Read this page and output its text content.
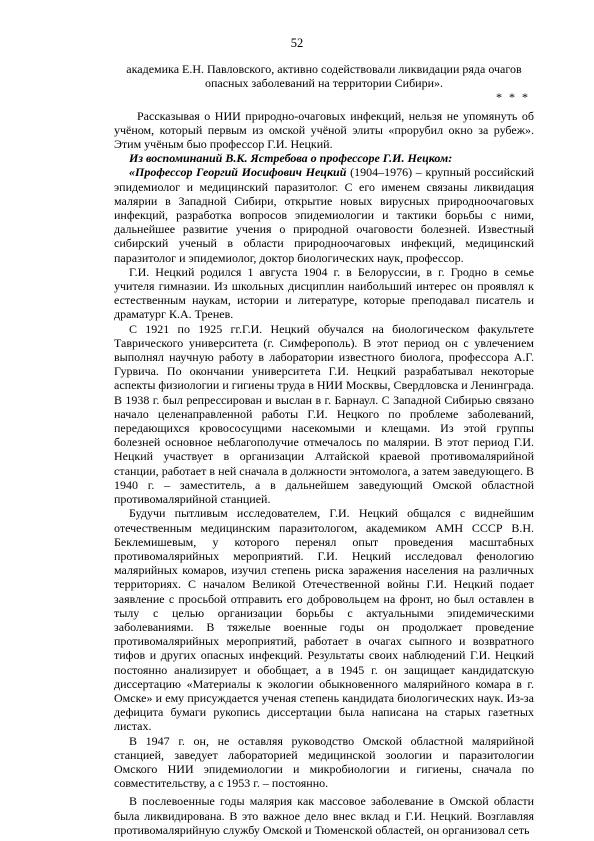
52

академика Е.Н. Павловского, активно содействовали ликвидации ряда очагов

опасных заболеваний на территории Сибири».

* * *

Рассказывая о НИИ природно-очаговых инфекций, нельзя не упомянуть об учёном, который первым из омской учёной элиты «прорубил окно за рубеж». Этим учёным быо профессор Г.И. Нецкий.

Из воспоминаний В.К. Ястребова о профессоре Г.И. Нецком:

«Профессор Георгий Иосифович Нецкий (1904–1976) – крупный российский эпидемиолог и медицинский паразитолог. С его именем связаны ликвидация малярии в Западной Сибири, открытие новых вирусных природноочаговых инфекций, разработка вопросов эпидемиологии и тактики борьбы с ними, дальнейшее развитие учения о природной очаговости болезней. Известный сибирский ученый в области природноочаговых инфекций, медицинский паразитолог и эпидемиолог, доктор биологических наук, профессор.

Г.И. Нецкий родился 1 августа 1904 г. в Белоруссии, в г. Гродно в семье учителя гимназии. Из школьных дисциплин наибольший интерес он проявлял к естественным наукам, истории и литературе, которые преподавал писатель и драматург К.А. Тренев.

С 1921 по 1925 гг.Г.И. Нецкий обучался на биологическом факультете Таврического университета (г. Симферополь). В этот период он с увлечением выполнял научную работу в лаборатории известного биолога, профессора А.Г. Гурвича. По окончании университета Г.И. Нецкий разрабатывал некоторые аспекты физиологии и гигиены труда в НИИ Москвы, Свердловска и Ленинграда. В 1938 г. был репрессирован и выслан в г. Барнаул. С Западной Сибирью связано начало целенаправленной работы Г.И. Нецкого по проблеме заболеваний, передающихся кровососущими насекомыми и клещами. Из этой группы болезней основное неблагополучие отмечалось по малярии. В этот период Г.И. Нецкий участвует в организации Алтайской краевой противомалярийной станции, работает в ней сначала в должности энтомолога, а затем заведующего. В 1940 г. – заместитель, а в дальнейшем заведующий Омской областной противомалярийной станцией.

Будучи пытливым исследователем, Г.И. Нецкий общался с виднейшим отечественным медицинским паразитологом, академиком АМН СССР В.Н. Беклемишевым, у которого перенял опыт проведения масштабных противомалярийных мероприятий. Г.И. Нецкий исследовал фенологию малярийных комаров, изучил степень риска заражения населения на различных территориях. С началом Великой Отечественной войны Г.И. Нецкий подает заявление с просьбой отправить его добровольцем на фронт, но был оставлен в тылу с целью организации борьбы с актуальными эпидемическими заболеваниями. В тяжелые военные годы он продолжает проведение противомалярийных мероприятий, работает в очагах сыпного и возвратного тифов и других опасных инфекций. Результаты своих наблюдений Г.И. Нецкий постоянно анализирует и обобщает, а в 1945 г. он защищает кандидатскую диссертацию «Материалы к экологии обыкновенного малярийного комара в г. Омске» и ему присуждается ученая степень кандидата биологических наук. Из-за дефицита бумаги рукопись диссертации была написана на старых газетных листах.

В 1947 г. он, не оставляя руководство Омской областной малярийной станцией, заведует лабораторией медицинской зоологии и паразитологии Омского НИИ эпидемиологии и микробиологии и гигиены, сначала по совместительству, а с 1953 г. – постоянно.

В послевоенные годы малярия как массовое заболевание в Омской области была ликвидирована. В это важное дело внес вклад и Г.И. Нецкий. Возглавляя противомалярийную службу Омской и Тюменской областей, он организовал сеть
